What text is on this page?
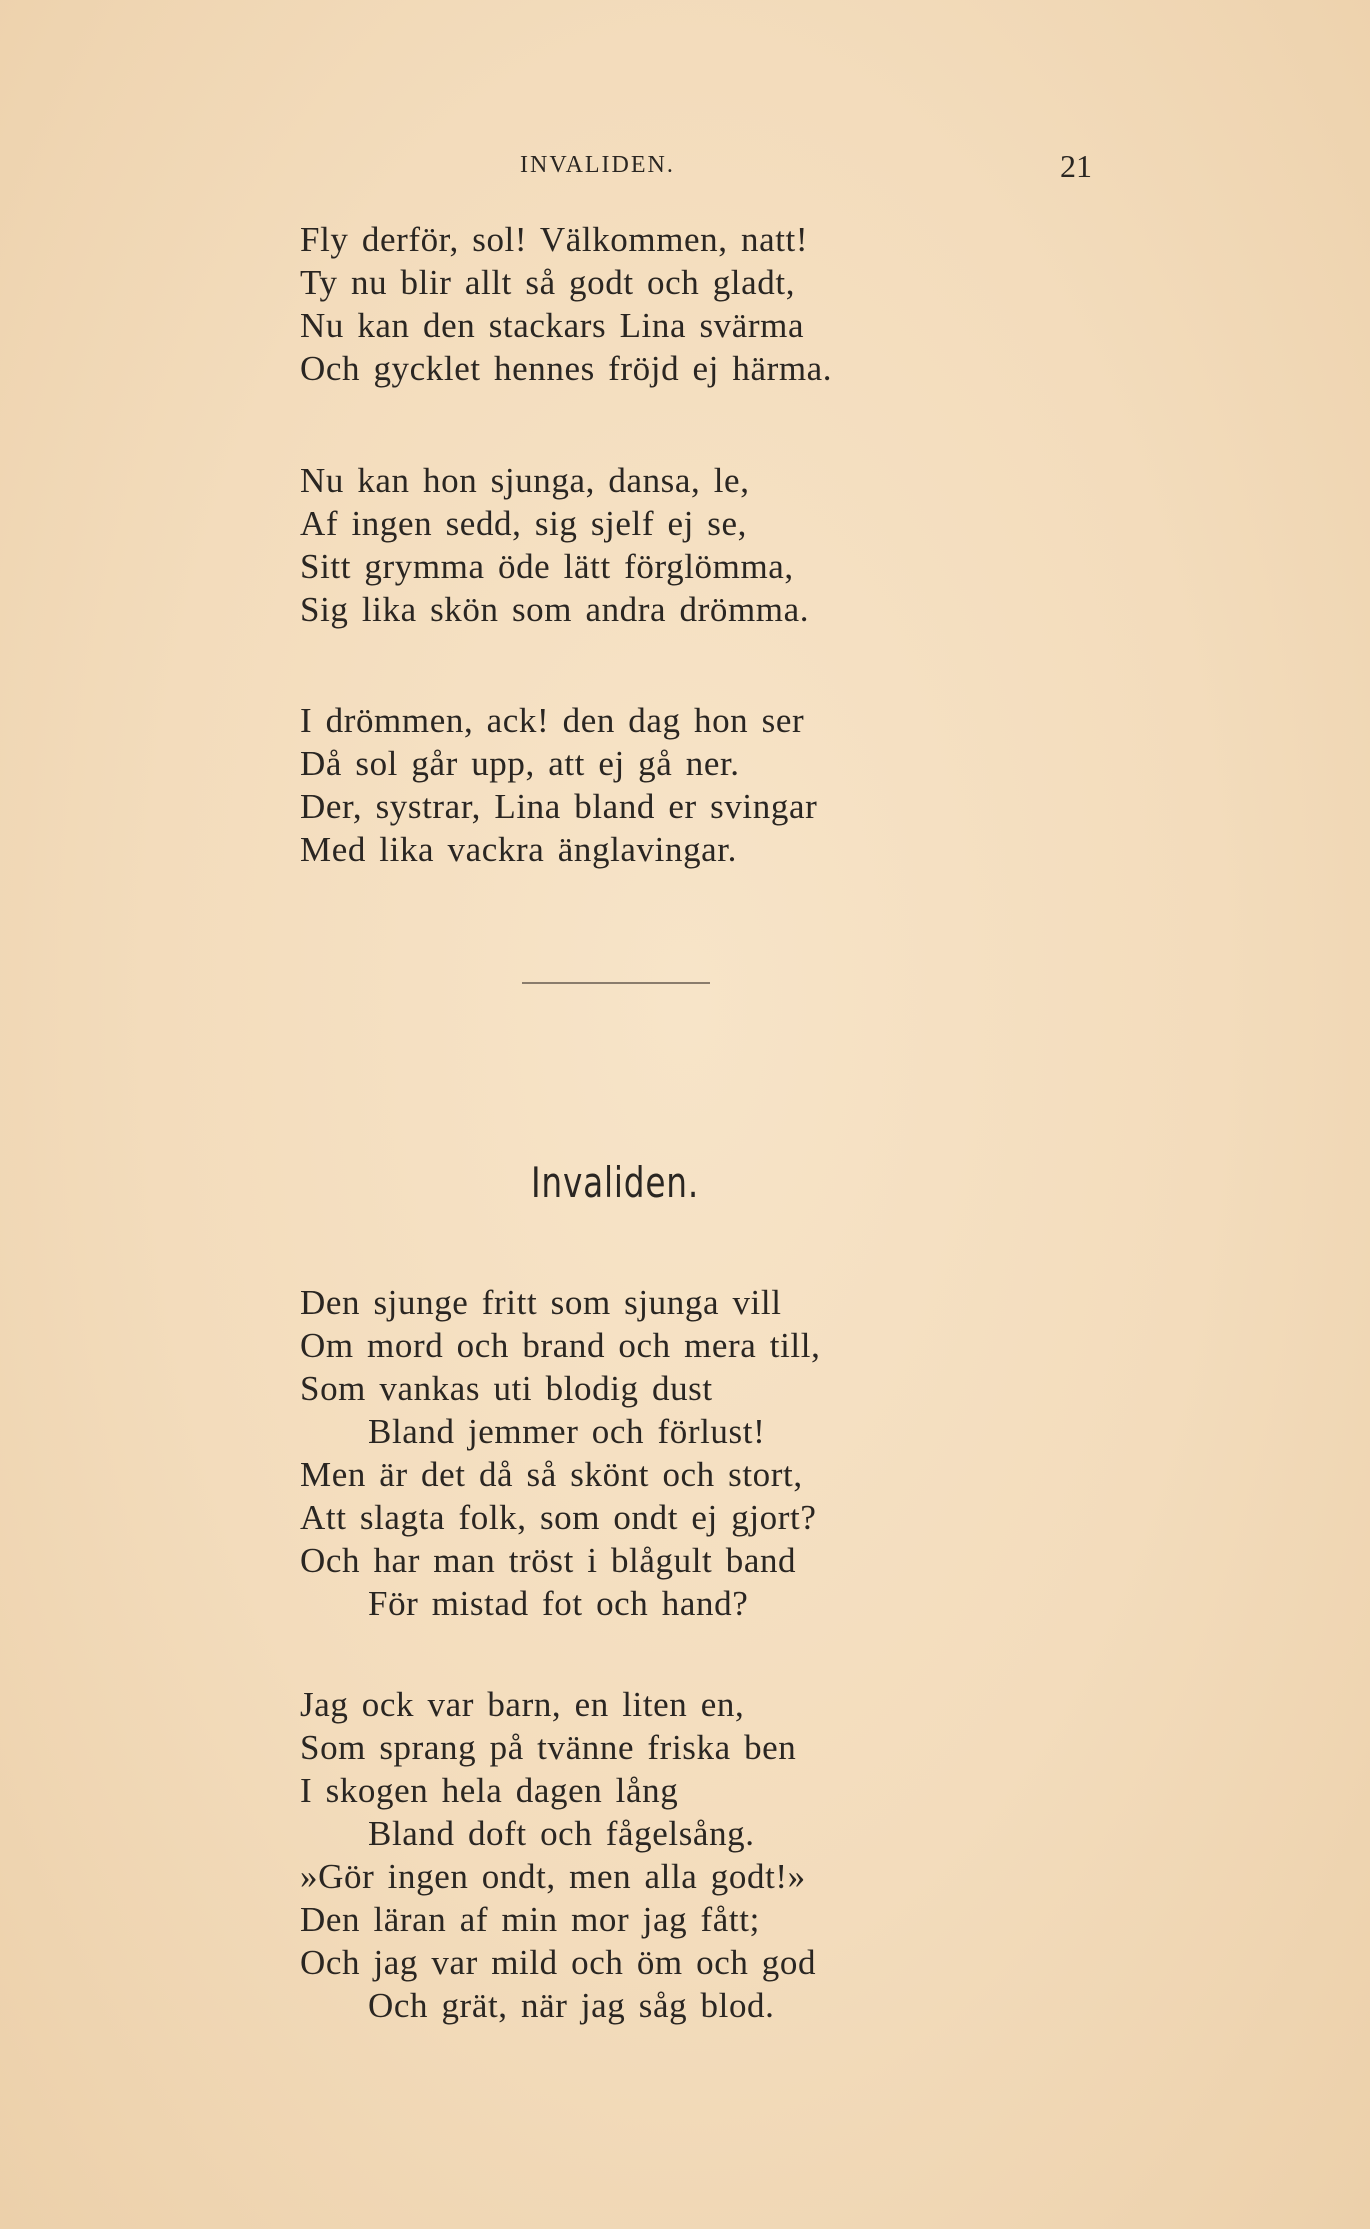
INVALIDEN.	21
Fly derför, sol! Välkommen, natt!
Ty nu blir allt så godt och gladt,
Nu kan den stackars Lina svärma
Och gycklet hennes fröjd ej härma.
Nu kan hon sjunga, dansa, le,
Af ingen sedd, sig sjelf ej se,
Sitt grymma öde lätt förglömma,
Sig lika skön som andra drömma.
I drömmen, ack! den dag hon ser
Då sol går upp, att ej gå ner.
Der, systrar, Lina bland er svingar
Med lika vackra änglavingar.
Invaliden.
Den sjunge fritt som sjunga vill
Om mord och brand och mera till,
Som vankas uti blodig dust
Bland jemmer och förlust!
Men är det då så skönt och stort,
Att slagta folk, som ondt ej gjort?
Och har man tröst i blågult band
För mistad fot och hand?
Jag ock var barn, en liten en,
Som sprang på tvänne friska ben
I skogen hela dagen lång
Bland doft och fågelsång.
»Gör ingen ondt, men alla godt!»
Den läran af min mor jag fått;
Och jag var mild och öm och god
Och grät, när jag såg blod.
